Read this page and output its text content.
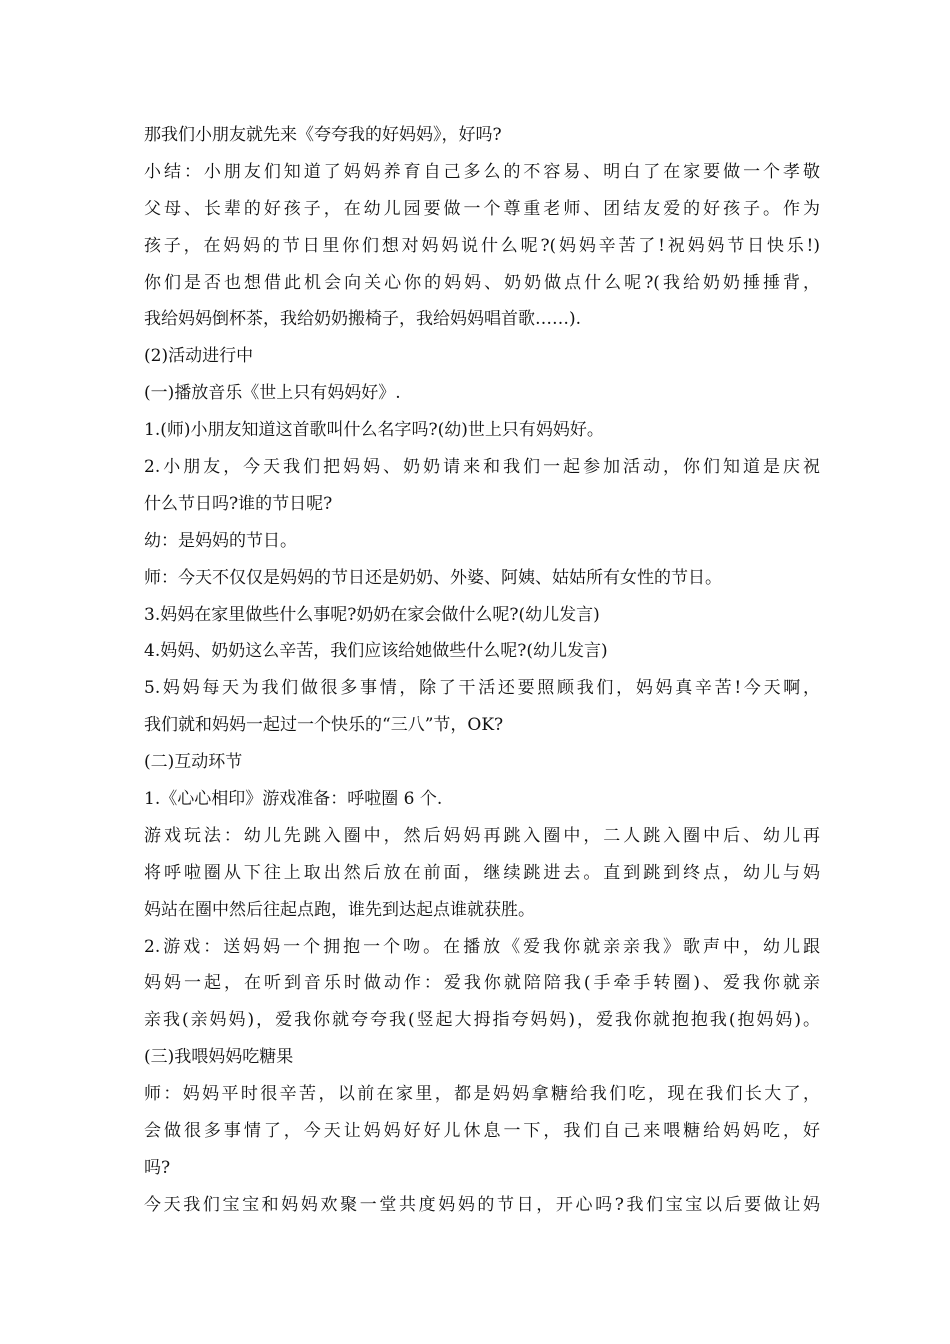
那我们小朋友就先来《夸夸我的好妈妈》，好吗?
小结：小朋友们知道了妈妈养育自己多么的不容易、明白了在家要做一个孝敬
父母、长辈的好孩子，在幼儿园要做一个尊重老师、团结友爱的好孩子。作为
孩子，在妈妈的节日里你们想对妈妈说什么呢?(妈妈辛苦了!祝妈妈节日快乐!)
你们是否也想借此机会向关心你的妈妈、奶奶做点什么呢?(我给奶奶捶捶背，
我给妈妈倒杯茶，我给奶奶搬椅子，我给妈妈唱首歌……).
(2)活动进行中
(一)播放音乐《世上只有妈妈好》.
1.(师)小朋友知道这首歌叫什么名字吗?(幼)世上只有妈妈好。
2.小朋友，今天我们把妈妈、奶奶请来和我们一起参加活动，你们知道是庆祝
什么节日吗?谁的节日呢?
幼：是妈妈的节日。
师：今天不仅仅是妈妈的节日还是奶奶、外婆、阿姨、姑姑所有女性的节日。
3.妈妈在家里做些什么事呢?奶奶在家会做什么呢?(幼儿发言)
4.妈妈、奶奶这么辛苦，我们应该给她做些什么呢?(幼儿发言)
5.妈妈每天为我们做很多事情，除了干活还要照顾我们，妈妈真辛苦!今天啊，
我们就和妈妈一起过一个快乐的“三八”节，OK?
(二)互动环节
1.《心心相印》游戏准备：呼啦圈 6 个.
游戏玩法：幼儿先跳入圈中，然后妈妈再跳入圈中，二人跳入圈中后、幼儿再
将呼啦圈从下往上取出然后放在前面，继续跳进去。直到跳到终点，幼儿与妈
妈站在圈中然后往起点跑，谁先到达起点谁就获胜。
2.游戏：送妈妈一个拥抱一个吻。在播放《爱我你就亲亲我》歌声中，幼儿跟
妈妈一起，在听到音乐时做动作：爱我你就陪陪我(手牵手转圈)、爱我你就亲
亲我(亲妈妈)，爱我你就夸夸我(竖起大拇指夸妈妈)，爱我你就抱抱我(抱妈妈)。
(三)我喂妈妈吃糖果
师：妈妈平时很辛苦，以前在家里，都是妈妈拿糖给我们吃，现在我们长大了，
会做很多事情了，今天让妈妈好好儿休息一下，我们自己来喂糖给妈妈吃，好
吗?
今天我们宝宝和妈妈欢聚一堂共度妈妈的节日，开心吗?我们宝宝以后要做让妈
